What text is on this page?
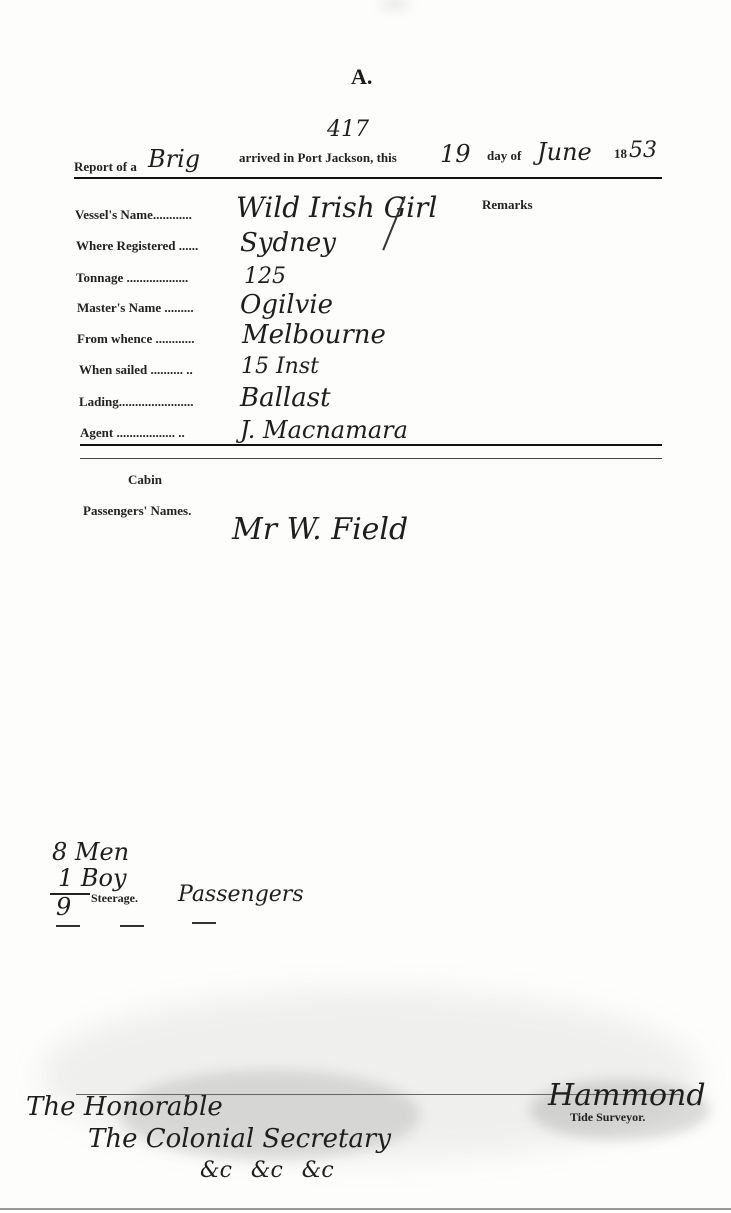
A.
417
Report of a Brig	arrived in Port Jackson, this 19 day of June 18 53
Vessel's Name............ Wild Irish Girl
Where Registered ...... Sydney
Tonnage ...................	125
Master's Name ......... Ogilvie
From whence ............ Melbourne
When sailed .......... .. 15 Inst
Lading....................... Ballast
Agent .................. .. J. Macnamara
Remarks
Cabin
Passengers' Names.
Mr W. Field
8 Men
1 Boy
9 Steerage. Passengers
The Honorable
The Colonial Secretary
&c &c &c
Hammond
Tide Surveyor.
